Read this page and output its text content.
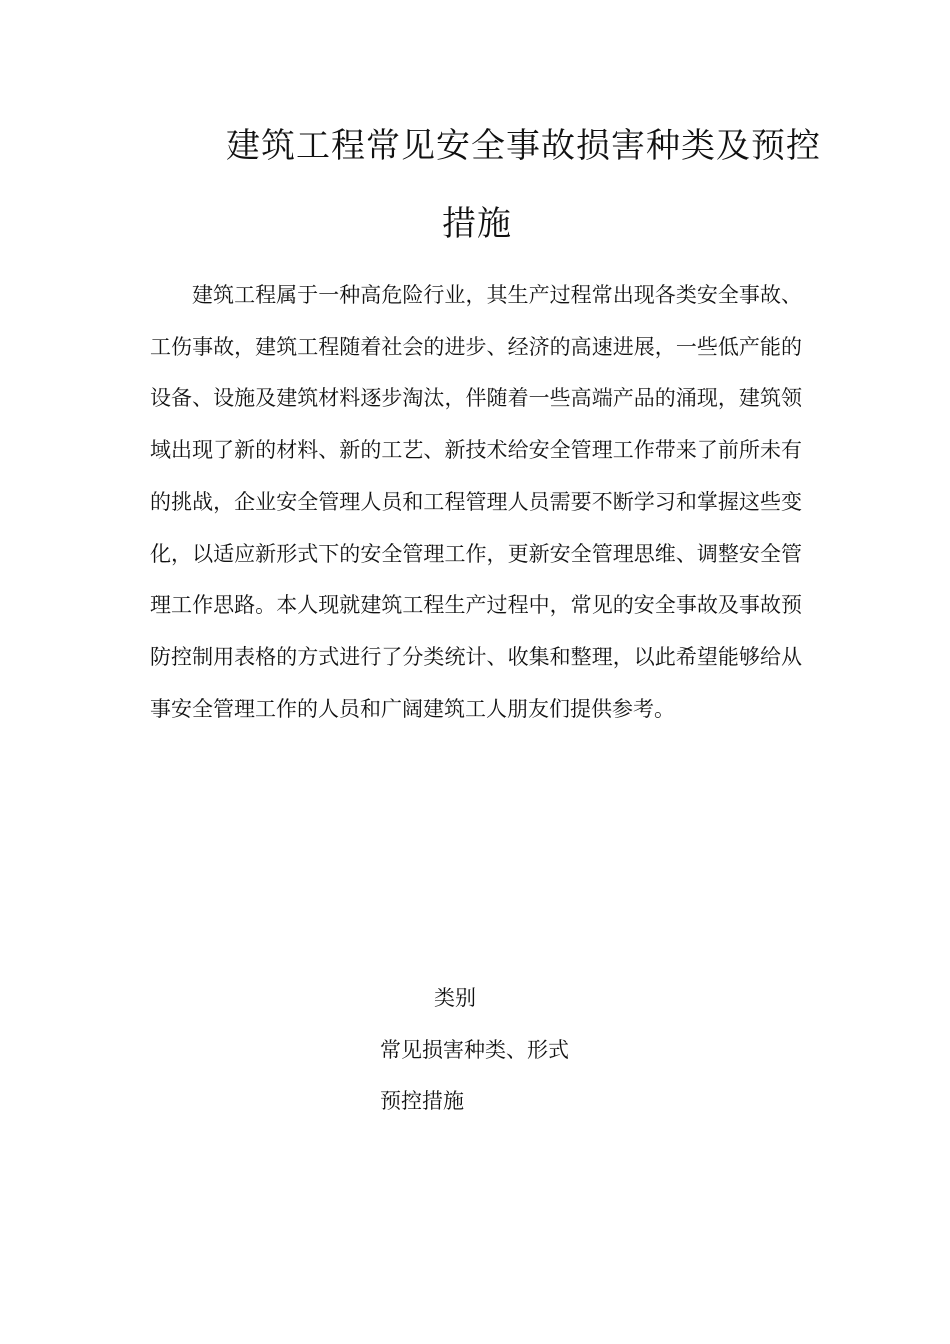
建筑工程常见安全事故损害种类及预控
措施

建筑工程属于一种高危险行业，其生产过程常出现各类安全事故、工伤事故，建筑工程随着社会的进步、经济的高速进展，一些低产能的设备、设施及建筑材料逐步淘汰，伴随着一些高端产品的涌现，建筑领域出现了新的材料、新的工艺、新技术给安全管理工作带来了前所未有的挑战，企业安全管理人员和工程管理人员需要不断学习和掌握这些变化，以适应新形式下的安全管理工作，更新安全管理思维、调整安全管理工作思路。本人现就建筑工程生产过程中，常见的安全事故及事故预防控制用表格的方式进行了分类统计、收集和整理，以此希望能够给从事安全管理工作的人员和广阔建筑工人朋友们提供参考。

类别
常见损害种类、形式
预控措施
